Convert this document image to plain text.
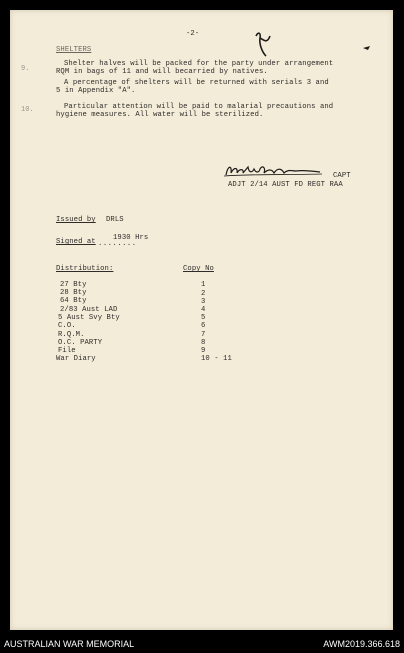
-2-
SHELTERS
9.
Shelter halves will be packed for the party under arrangement
RQM in bags of 11 and will becarried by natives.
A percentage of shelters will be returned with serials 3 and
5 in Appendix "A".
10.	Particular attention will be paid to malarial precautions and
hygiene measures. All water will be sterilized.
CAPT
ADJT 2/14 AUST FD REGT RAA
Issued by DRLS
Signed at ........
1930 Hrs
Distribution:	Copy No
27 Bty	1
28 Bty	2
64 Bty	3
2/83 Aust LAD	4
5 Aust Svy Bty	5
C.O.	6
R.Q.M.	7
O.C. PARTY	8
File	9
War Diary	10 - 11
AUSTRALIAN WAR MEMORIAL	AWM2019.366.618
